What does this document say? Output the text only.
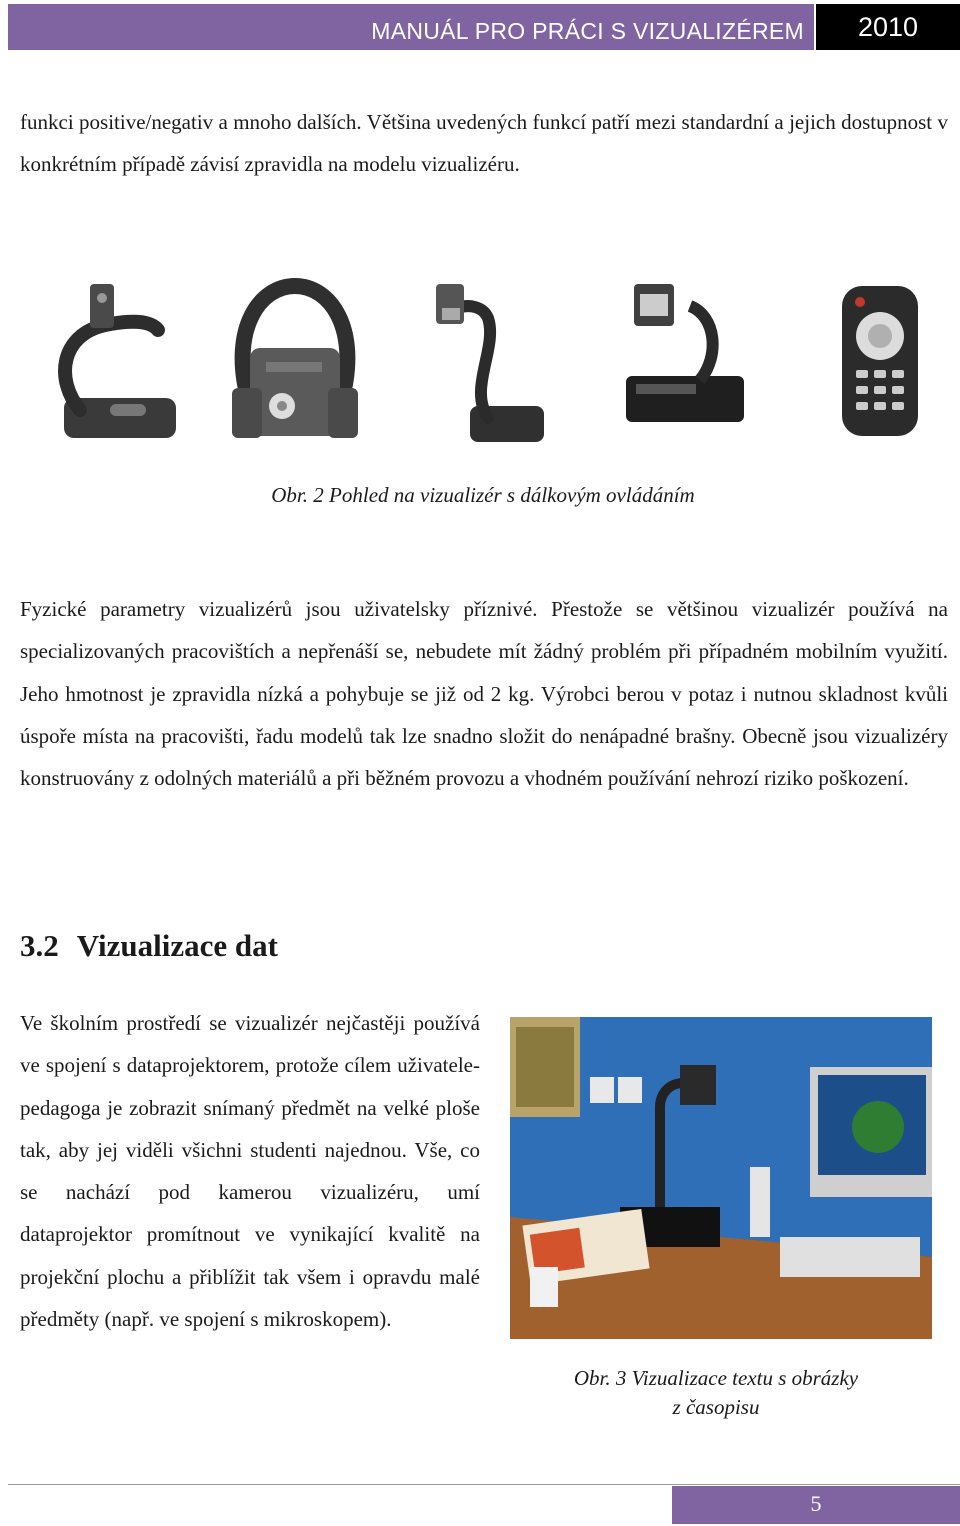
MANUÁL PRO PRÁCI S VIZUALIZÉREM	2010

funkci positive/negativ a mnoho dalších. Většina uvedených funkcí patří mezi standardní a jejich dostupnost v konkrétním případě závisí zpravidla na modelu vizualizéru.

Obr. 2 Pohled na vizualizér s dálkovým ovládáním

Fyzické parametry vizualizérů jsou uživatelsky příznivé. Přestože se většinou vizualizér používá na specializovaných pracovištích a nepřenáší se, nebudete mít žádný problém při případném mobilním využití. Jeho hmotnost je zpravidla nízká a pohybuje se již od 2 kg. Výrobci berou v potaz i nutnou skladnost kvůli úspoře místa na pracovišti, řadu modelů tak lze snadno složit do nenápadné brašny. Obecně jsou vizualizéry konstruovány z odolných materiálů a při běžném provozu a vhodném používání nehrozí riziko poškození.

3.2 Vizualizace dat

Ve školním prostředí se vizualizér nejčastěji používá ve spojení s dataprojektorem, protože cílem uživatele-pedagoga je zobrazit snímaný předmět na velké ploše tak, aby jej viděli všichni studenti najednou. Vše, co se nachází pod kamerou vizualizéru, umí dataprojektor promítnout ve vynikající kvalitě na projekční plochu a přiblížit tak všem i opravdu malé předměty (např. ve spojení s mikroskopem).

Obr. 3 Vizualizace textu s obrázky
z časopisu

5
